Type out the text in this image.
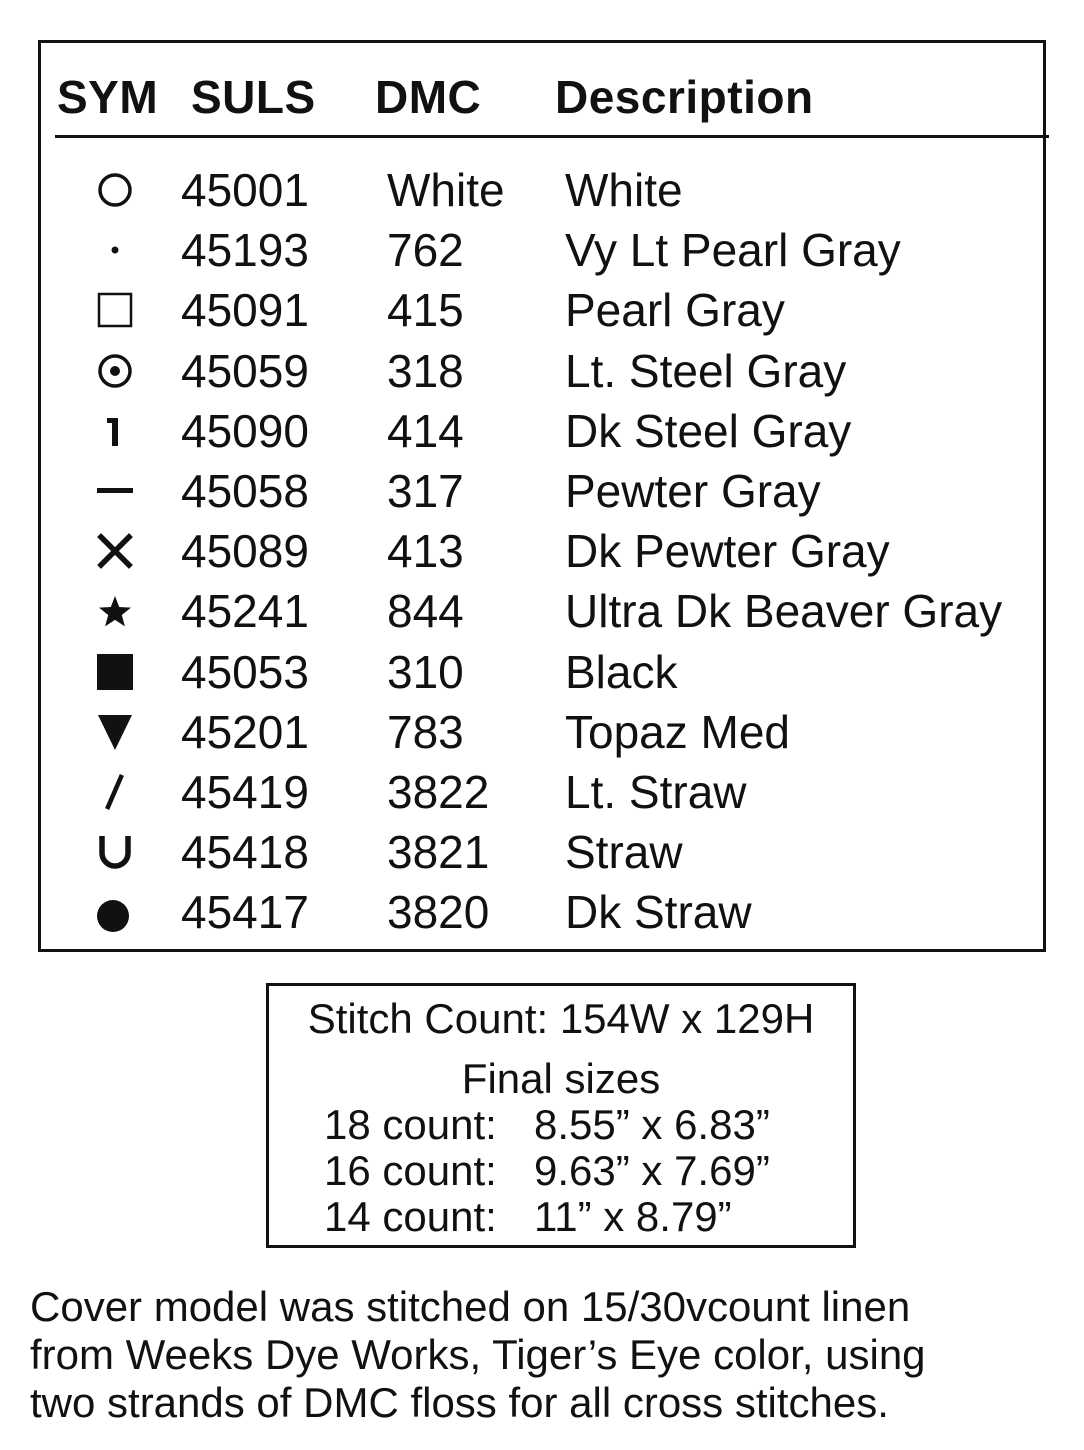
SYM SULS DMC Description
45001 White White
45193 762 Vy Lt Pearl Gray
45091 415 Pearl Gray
45059 318 Lt. Steel Gray
45090 414 Dk Steel Gray
45058 317 Pewter Gray
45089 413 Dk Pewter Gray
45241 844 Ultra Dk Beaver Gray
45053 310 Black
45201 783 Topaz Med
45419 3822 Lt. Straw
45418 3821 Straw
45417 3820 Dk Straw
Stitch Count: 154W x 129H
Final sizes
18 count: 8.55” x 6.83”
16 count: 9.63” x 7.69”
14 count: 11” x 8.79”
Cover model was stitched on 15/30vcount linen
from Weeks Dye Works, Tiger’s Eye color, using
two strands of DMC floss for all cross stitches.
